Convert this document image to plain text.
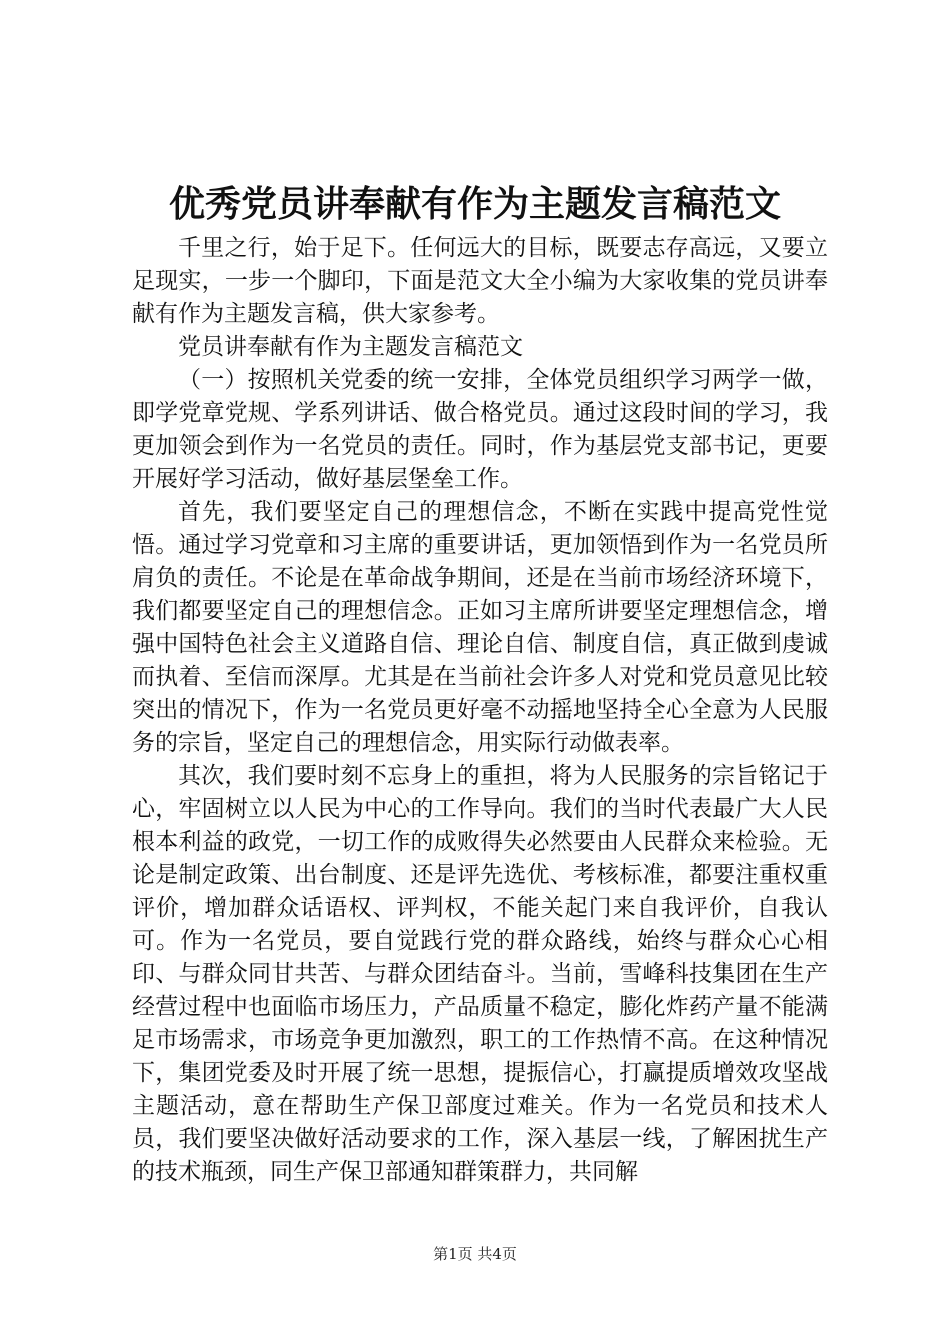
优秀党员讲奉献有作为主题发言稿范文

千里之行，始于足下。任何远大的目标，既要志存高远，又要立足现实，一步一个脚印，下面是范文大全小编为大家收集的党员讲奉献有作为主题发言稿，供大家参考。

党员讲奉献有作为主题发言稿范文

（一）按照机关党委的统一安排，全体党员组织学习两学一做，即学党章党规、学系列讲话、做合格党员。通过这段时间的学习，我更加领会到作为一名党员的责任。同时，作为基层党支部书记，更要开展好学习活动，做好基层堡垒工作。

首先，我们要坚定自己的理想信念，不断在实践中提高党性觉悟。通过学习党章和习主席的重要讲话，更加领悟到作为一名党员所肩负的责任。不论是在革命战争期间，还是在当前市场经济环境下，我们都要坚定自己的理想信念。正如习主席所讲要坚定理想信念，增强中国特色社会主义道路自信、理论自信、制度自信，真正做到虔诚而执着、至信而深厚。尤其是在当前社会许多人对党和党员意见比较突出的情况下，作为一名党员更好毫不动摇地坚持全心全意为人民服务的宗旨，坚定自己的理想信念，用实际行动做表率。

其次，我们要时刻不忘身上的重担，将为人民服务的宗旨铭记于心，牢固树立以人民为中心的工作导向。我们的当时代表最广大人民根本利益的政党，一切工作的成败得失必然要由人民群众来检验。无论是制定政策、出台制度、还是评先选优、考核标准，都要注重权重评价，增加群众话语权、评判权，不能关起门来自我评价，自我认可。作为一名党员，要自觉践行党的群众路线，始终与群众心心相印、与群众同甘共苦、与群众团结奋斗。当前，雪峰科技集团在生产经营过程中也面临市场压力，产品质量不稳定，膨化炸药产量不能满足市场需求，市场竞争更加激烈，职工的工作热情不高。在这种情况下，集团党委及时开展了统一思想，提振信心，打赢提质增效攻坚战主题活动，意在帮助生产保卫部度过难关。作为一名党员和技术人员，我们要坚决做好活动要求的工作，深入基层一线，了解困扰生产的技术瓶颈，同生产保卫部通知群策群力，共同解

第1页 共4页
